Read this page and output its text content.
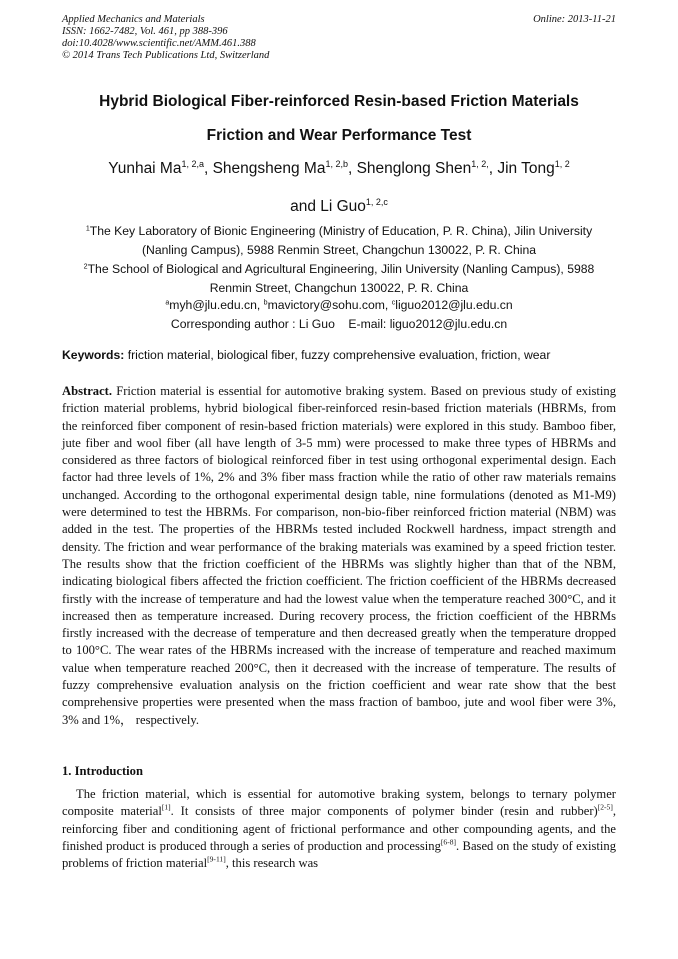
Applied Mechanics and Materials
ISSN: 1662-7482, Vol. 461, pp 388-396
doi:10.4028/www.scientific.net/AMM.461.388
© 2014 Trans Tech Publications Ltd, Switzerland
Online: 2013-11-21
Hybrid Biological Fiber-reinforced Resin-based Friction Materials
Friction and Wear Performance Test
Yunhai Ma$^{1, 2,a}$, Shengsheng Ma$^{1, 2,b}$, Shenglong Shen$^{1, 2,}$, Jin Tong$^{1, 2}$
and Li Guo$^{1, 2,c}$
$^1$The Key Laboratory of Bionic Engineering (Ministry of Education, P. R. China), Jilin University
(Nanling Campus), 5988 Renmin Street, Changchun 130022, P. R. China
$^2$The School of Biological and Agricultural Engineering, Jilin University (Nanling Campus), 5988
Renmin Street, Changchun 130022, P. R. China
$^a$myh@jlu.edu.cn, $^b$mavictory@sohu.com, $^c$liguo2012@jlu.edu.cn
Corresponding author : Li Guo    E-mail: liguo2012@jlu.edu.cn
Keywords: friction material, biological fiber, fuzzy comprehensive evaluation, friction, wear
Abstract. Friction material is essential for automotive braking system. Based on previous study of existing friction material problems, hybrid biological fiber-reinforced resin-based friction materials (HBRMs, from the reinforced fiber component of resin-based friction materials) were explored in this study. Bamboo fiber, jute fiber and wool fiber (all have length of 3-5 mm) were processed to make three types of HBRMs and considered as three factors of biological reinforced fiber in test using orthogonal experimental design. Each factor had three levels of 1%, 2% and 3% fiber mass fraction while the ratio of other raw materials remains unchanged. According to the orthogonal experimental design table, nine formulations (denoted as M1-M9) were determined to test the HBRMs. For comparison, non-bio-fiber reinforced friction material (NBM) was added in the test. The properties of the HBRMs tested included Rockwell hardness, impact strength and density. The friction and wear performance of the braking materials was examined by a speed friction tester. The results show that the friction coefficient of the HBRMs was slightly higher than that of the NBM, indicating biological fibers affected the friction coefficient. The friction coefficient of the HBRMs decreased firstly with the increase of temperature and had the lowest value when the temperature reached 300°C, and it increased then as temperature increased. During recovery process, the friction coefficient of the HBRMs firstly increased with the decrease of temperature and then decreased greatly when the temperature dropped to 100°C. The wear rates of the HBRMs increased with the increase of temperature and reached maximum value when temperature reached 200°C, then it decreased with the increase of temperature. The results of fuzzy comprehensive evaluation analysis on the friction coefficient and wear rate show that the best comprehensive properties were presented when the mass fraction of bamboo, jute and wool fiber were 3%, 3% and 1%， respectively.
1. Introduction
The friction material, which is essential for automotive braking system, belongs to ternary polymer composite material[1]. It consists of three major components of polymer binder (resin and rubber)[2-5], reinforcing fiber and conditioning agent of frictional performance and other compounding agents, and the finished product is produced through a series of production and processing[6-8]. Based on the study of existing problems of friction material[9-11], this research was
